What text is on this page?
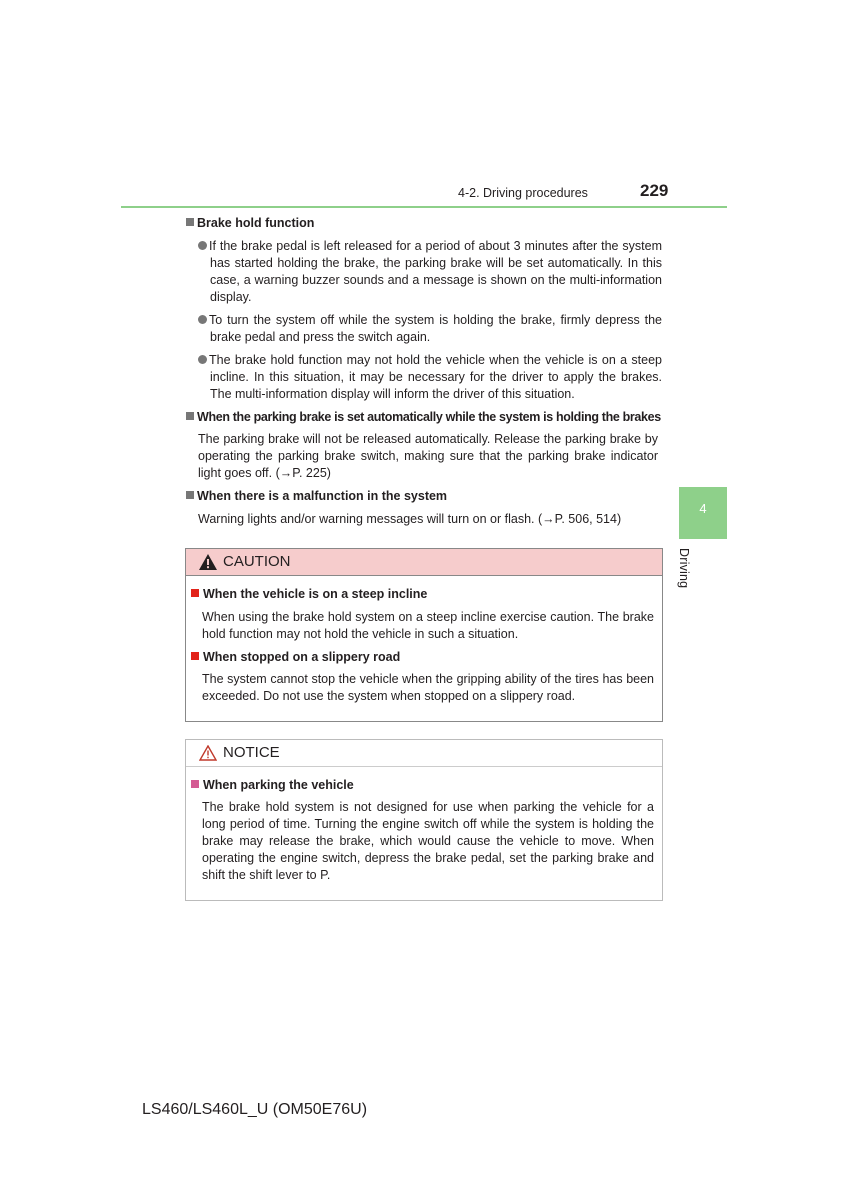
4-2. Driving procedures	229
4
Driving
Brake hold function
If the brake pedal is left released for a period of about 3 minutes after the system has started holding the brake, the parking brake will be set automatically. In this case, a warning buzzer sounds and a message is shown on the multi-information display.
To turn the system off while the system is holding the brake, firmly depress the brake pedal and press the switch again.
The brake hold function may not hold the vehicle when the vehicle is on a steep incline. In this situation, it may be necessary for the driver to apply the brakes. The multi-information display will inform the driver of this situation.
When the parking brake is set automatically while the system is holding the brakes
The parking brake will not be released automatically. Release the parking brake by operating the parking brake switch, making sure that the parking brake indicator light goes off. (→P. 225)
When there is a malfunction in the system
Warning lights and/or warning messages will turn on or flash. (→P. 506, 514)
CAUTION
When the vehicle is on a steep incline
When using the brake hold system on a steep incline exercise caution. The brake hold function may not hold the vehicle in such a situation.
When stopped on a slippery road
The system cannot stop the vehicle when the gripping ability of the tires has been exceeded. Do not use the system when stopped on a slippery road.
NOTICE
When parking the vehicle
The brake hold system is not designed for use when parking the vehicle for a long period of time. Turning the engine switch off while the system is holding the brake may release the brake, which would cause the vehicle to move. When operating the engine switch, depress the brake pedal, set the parking brake and shift the shift lever to P.
LS460/LS460L_U (OM50E76U)
